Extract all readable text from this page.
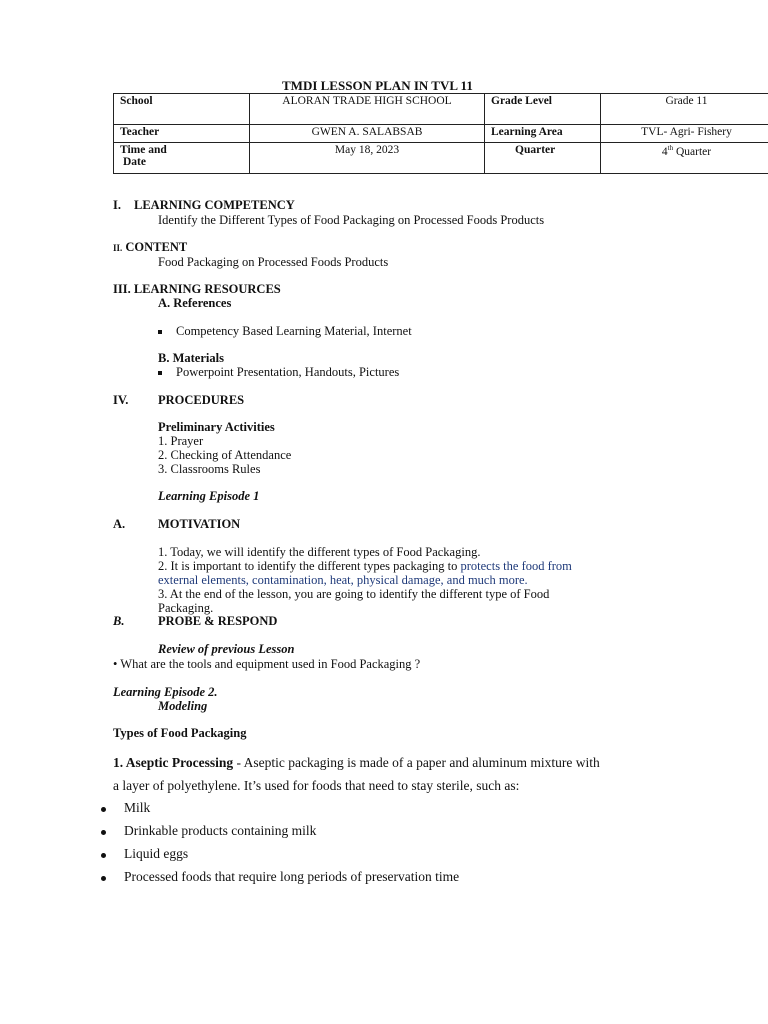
TMDI LESSON PLAN IN TVL 11
School	ALORAN TRADE HIGH SCHOOL	Grade Level	Grade 11
Teacher	GWEN A. SALABSAB	Learning Area	TVL- Agri- Fishery

Time and
Date	May 18, 2023	Quarter	4th Quarter
I. LEARNING COMPETENCY
Identify the Different Types of Food Packaging on Processed Foods Products
II. CONTENT
Food Packaging on Processed Foods Products
III. LEARNING RESOURCES
A. References
Competency Based Learning Material, Internet
B. Materials
Powerpoint Presentation, Handouts, Pictures
IV. PROCEDURES
Preliminary Activities
1. Prayer
2. Checking of Attendance
3. Classrooms Rules
Learning Episode 1
A.	MOTIVATION
1. Today, we will identify the different types of Food Packaging.
2. It is important to identify the different types packaging to protects the food from
external elements, contamination, heat, physical damage, and much more.
3. At the end of the lesson, you are going to identify the different type of Food
Packaging.
B.	PROBE & RESPOND
Review of previous Lesson
• What are the tools and equipment used in Food Packaging ?
Learning Episode 2.
Modeling
Types of Food Packaging
1. Aseptic Processing - Aseptic packaging is made of a paper and aluminum mixture with
a layer of polyethylene. It’s used for foods that need to stay sterile, such as:
Milk
Drinkable products containing milk
Liquid eggs
Processed foods that require long periods of preservation time
